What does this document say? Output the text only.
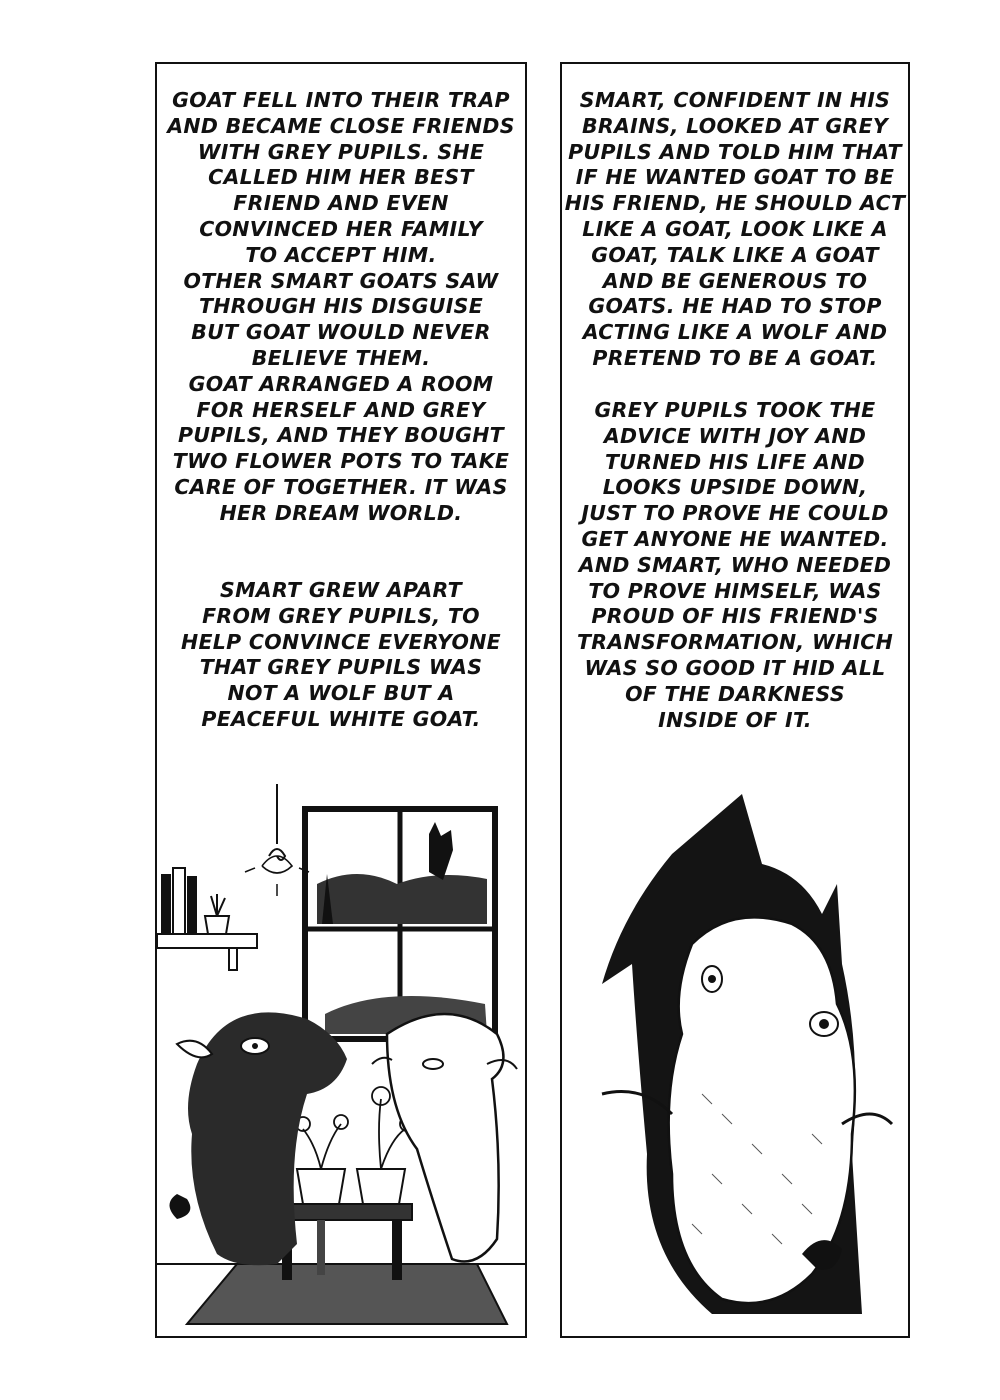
GOAT FELL INTO THEIR TRAP
AND BECAME CLOSE FRIENDS
WITH GREY PUPILS. SHE
CALLED HIM HER BEST
FRIEND AND EVEN
CONVINCED HER FAMILY
TO ACCEPT HIM.
OTHER SMART GOATS SAW
THROUGH HIS DISGUISE
BUT GOAT WOULD NEVER
BELIEVE THEM.
GOAT ARRANGED A ROOM
FOR HERSELF AND GREY
PUPILS, AND THEY BOUGHT
TWO FLOWER POTS TO TAKE
CARE OF TOGETHER. IT WAS
HER DREAM WORLD.
SMART GREW APART
FROM GREY PUPILS, TO
HELP CONVINCE EVERYONE
THAT GREY PUPILS WAS
NOT A WOLF BUT A
PEACEFUL WHITE GOAT.
SMART, CONFIDENT IN HIS
BRAINS, LOOKED AT GREY
PUPILS AND TOLD HIM THAT
IF HE WANTED GOAT TO BE
HIS FRIEND, HE SHOULD ACT
LIKE A GOAT, LOOK LIKE A
GOAT, TALK LIKE A GOAT
AND BE GENEROUS TO
GOATS. HE HAD TO STOP
ACTING LIKE A WOLF AND
PRETEND TO BE A GOAT.
GREY PUPILS TOOK THE
ADVICE WITH JOY AND
TURNED HIS LIFE AND
LOOKS UPSIDE DOWN,
JUST TO PROVE HE COULD
GET ANYONE HE WANTED.
AND SMART, WHO NEEDED
TO PROVE HIMSELF, WAS
PROUD OF HIS FRIEND'S
TRANSFORMATION, WHICH
WAS SO GOOD IT HID ALL
OF THE DARKNESS
INSIDE OF IT.
